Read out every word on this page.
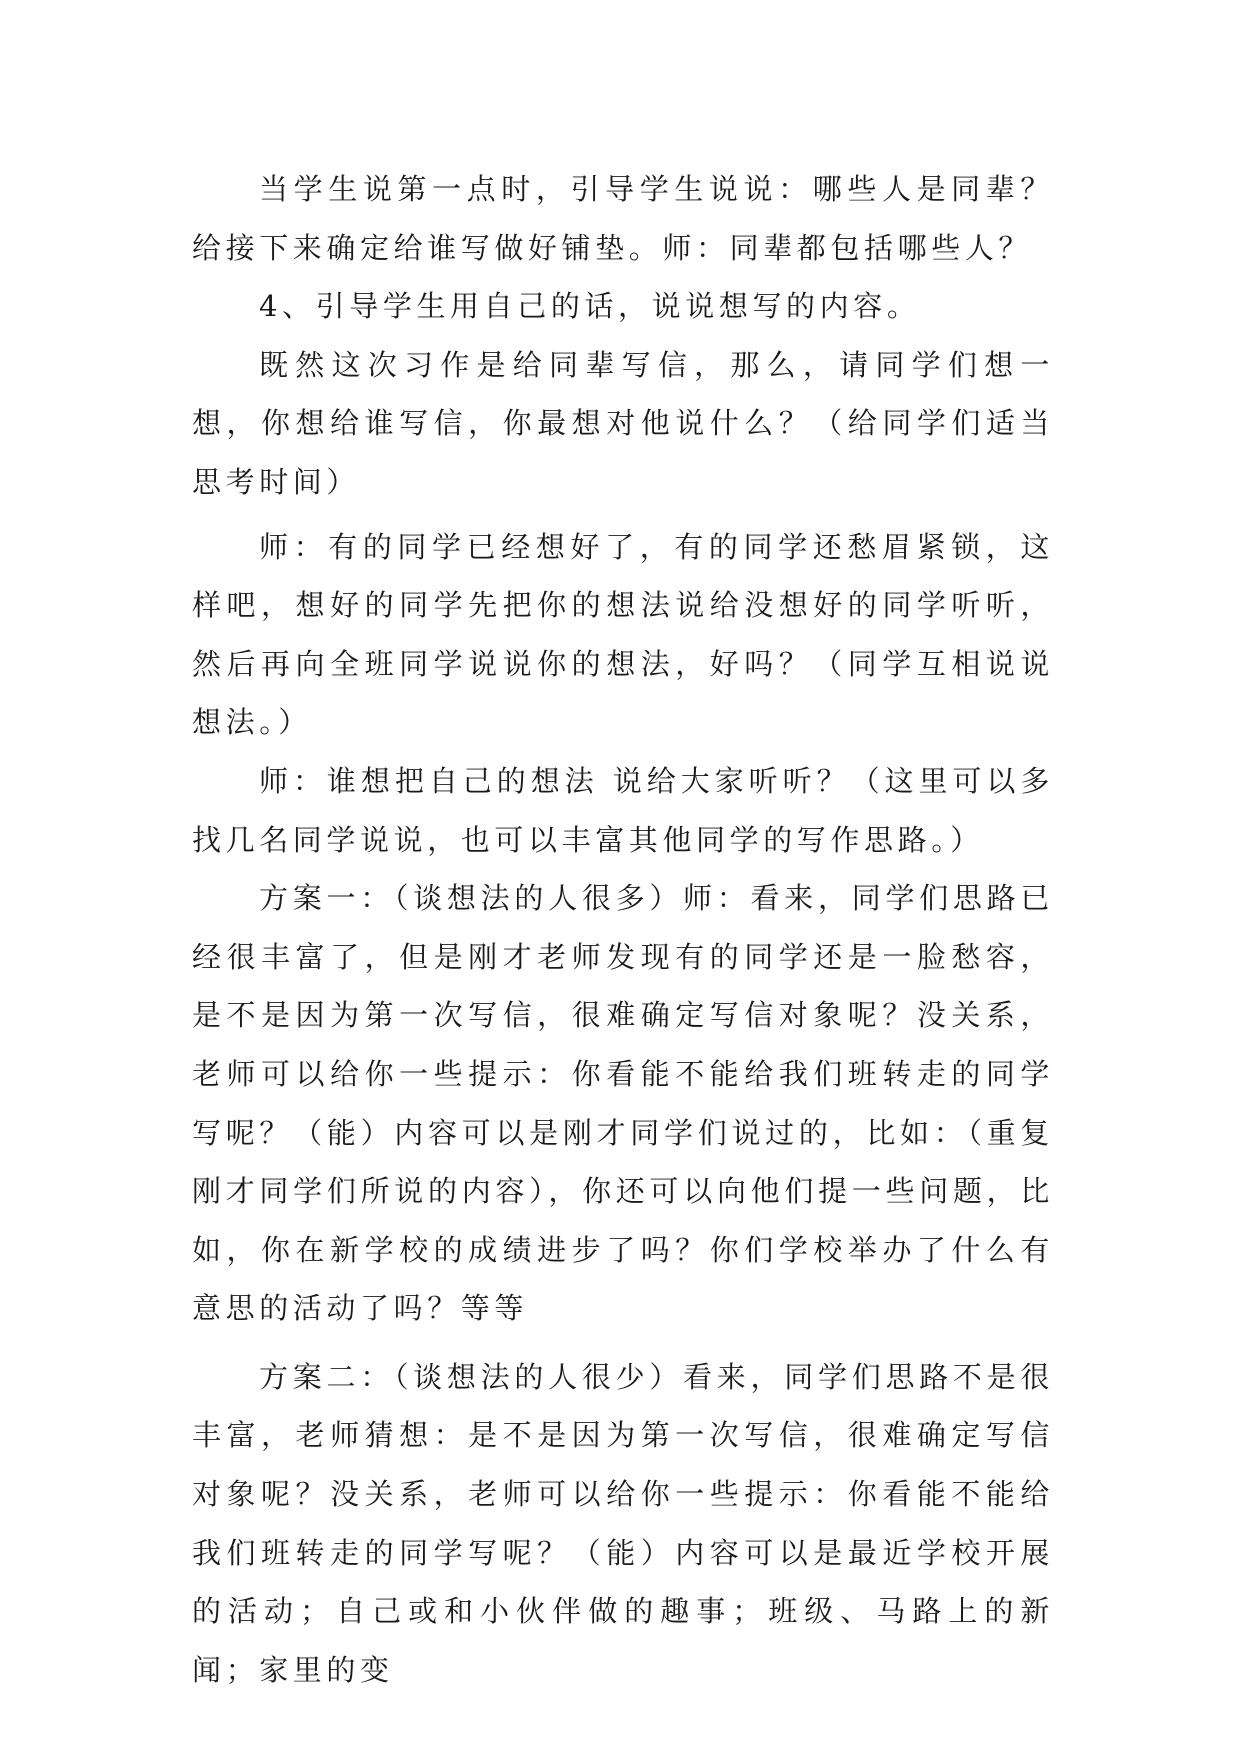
当学生说第一点时，引导学生说说：哪些人是同辈？给接下来确定给谁写做好铺垫。师：同辈都包括哪些人？

4、引导学生用自己的话，说说想写的内容。

既然这次习作是给同辈写信，那么，请同学们想一想，你想给谁写信，你最想对他说什么？（给同学们适当思考时间）

师：有的同学已经想好了，有的同学还愁眉紧锁，这样吧，想好的同学先把你的想法说给没想好的同学听听，然后再向全班同学说说你的想法，好吗？（同学互相说说想法。）

师：谁想把自己的想法 说给大家听听？（这里可以多找几名同学说说，也可以丰富其他同学的写作思路。）

方案一：（谈想法的人很多）师：看来，同学们思路已经很丰富了，但是刚才老师发现有的同学还是一脸愁容，是不是因为第一次写信，很难确定写信对象呢？没关系，老师可以给你一些提示：你看能不能给我们班转走的同学写呢？（能）内容可以是刚才同学们说过的，比如：（重复刚才同学们所说的内容），你还可以向他们提一些问题，比如，你在新学校的成绩进步了吗？你们学校举办了什么有意思的活动了吗？等等

方案二：（谈想法的人很少）看来，同学们思路不是很丰富，老师猜想：是不是因为第一次写信，很难确定写信对象呢？没关系，老师可以给你一些提示：你看能不能给我们班转走的同学写呢？（能）内容可以是最近学校开展的活动；自己或和小伙伴做的趣事；班级、马路上的新闻；家里的变
